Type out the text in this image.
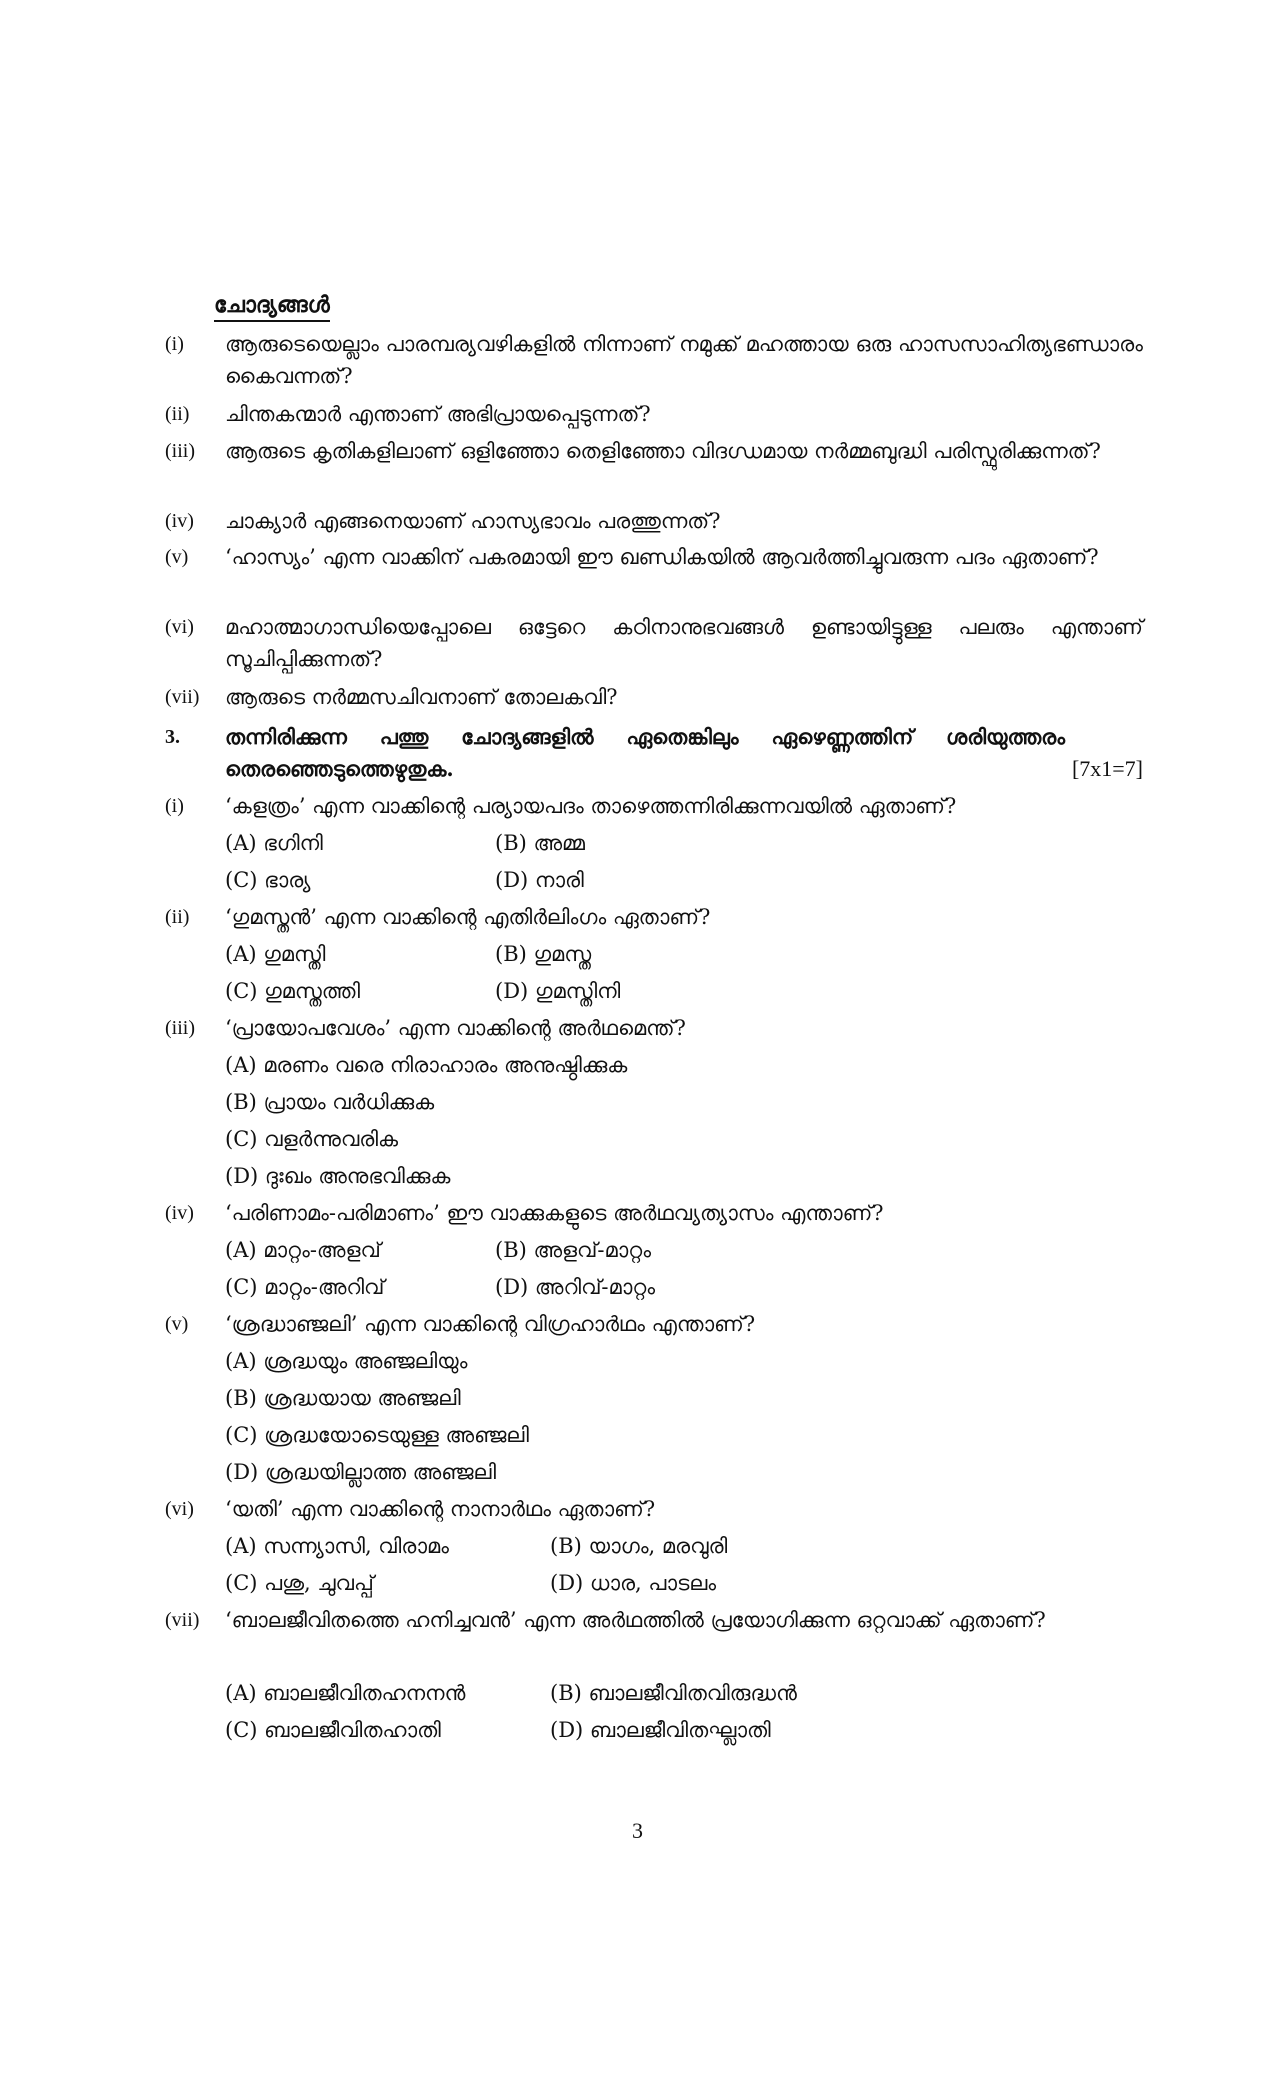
ചോദ്യങ്ങൾ
(i) ആരുടെയെല്ലാം പാരമ്പര്യവഴികളിൽ നിന്നാണ് നമുക്ക് മഹത്തായ ഒരു ഹാസസാഹിത്യഭണ്ഡാരം കൈവന്നത്?
(ii) ചിന്തകന്മാർ എന്താണ് അഭിപ്രായപ്പെടുന്നത്?
(iii) ആരുടെ കൃതികളിലാണ് ഒളിഞ്ഞോ തെളിഞ്ഞോ വിദഗ്ധമായ നർമ്മബുദ്ധി പരിസ്ഫുരിക്കുന്നത്?
(iv) ചാക്യാർ എങ്ങനെയാണ് ഹാസ്യഭാവം പരത്തുന്നത്?
(v) ‘ഹാസ്യം’ എന്ന വാക്കിന് പകരമായി ഈ ഖണ്ഡികയിൽ ആവർത്തിച്ചുവരുന്ന പദം ഏതാണ്?
(vi) മഹാത്മാഗാന്ധിയെപ്പോലെ ഒട്ടേറെ കഠിനാനുഭവങ്ങൾ ഉണ്ടായിട്ടുള്ള പലരും എന്താണ് സൂചിപ്പിക്കുന്നത്?
(vii) ആരുടെ നർമ്മസചിവനാണ് തോലകവി?
3. തന്നിരിക്കുന്ന പത്തു ചോദ്യങ്ങളിൽ ഏതെങ്കിലും ഏഴെണ്ണത്തിന് ശരിയുത്തരം തെരഞ്ഞെടുത്തെഴുതുക.	[7x1=7]
(i) ‘കളത്രം’ എന്ന വാക്കിന്റെ പര്യായപദം താഴെത്തന്നിരിക്കുന്നവയിൽ ഏതാണ്?
(A) ഭഗിനി	(B) അമ്മ
(C) ഭാര്യ	(D) നാരി
(ii) ‘ഗുമസ്തൻ’ എന്ന വാക്കിന്റെ എതിർലിംഗം ഏതാണ്?
(A) ഗുമസ്തി	(B) ഗുമസ്ത
(C) ഗുമസ്തത്തി	(D) ഗുമസ്തിനി
(iii) ‘പ്രായോപവേശം’ എന്ന വാക്കിന്റെ അർഥമെന്ത്?
(A) മരണം വരെ നിരാഹാരം അനുഷ്ഠിക്കുക
(B) പ്രായം വർധിക്കുക
(C) വളർന്നുവരിക
(D) ദുഃഖം അനുഭവിക്കുക
(iv) ‘പരിണാമം-പരിമാണം’ ഈ വാക്കുകളുടെ അർഥവ്യത്യാസം എന്താണ്?
(A) മാറ്റം-അളവ്	(B) അളവ്-മാറ്റം
(C) മാറ്റം-അറിവ്	(D) അറിവ്-മാറ്റം
(v) ‘ശ്രദ്ധാഞ്ജലി’ എന്ന വാക്കിന്റെ വിഗ്രഹാർഥം എന്താണ്?
(A) ശ്രദ്ധയും അഞ്ജലിയും
(B) ശ്രദ്ധയായ അഞ്ജലി
(C) ശ്രദ്ധയോടെയുള്ള അഞ്ജലി
(D) ശ്രദ്ധയില്ലാത്ത അഞ്ജലി
(vi) ‘യതി’ എന്ന വാക്കിന്റെ നാനാർഥം ഏതാണ്?
(A) സന്ന്യാസി, വിരാമം	(B) യാഗം, മരവുരി
(C) പശു, ചുവപ്പ്	(D) ധാര, പാടലം
(vii) ‘ബാലജീവിതത്തെ ഹനിച്ചവൻ’ എന്ന അർഥത്തിൽ പ്രയോഗിക്കുന്ന ഒറ്റവാക്ക് ഏതാണ്?
(A) ബാലജീവിതഹനനൻ	(B) ബാലജീവിതവിരുദ്ധൻ
(C) ബാലജീവിതഹാതി	(D) ബാലജീവിതഘ്ലാതി
3
